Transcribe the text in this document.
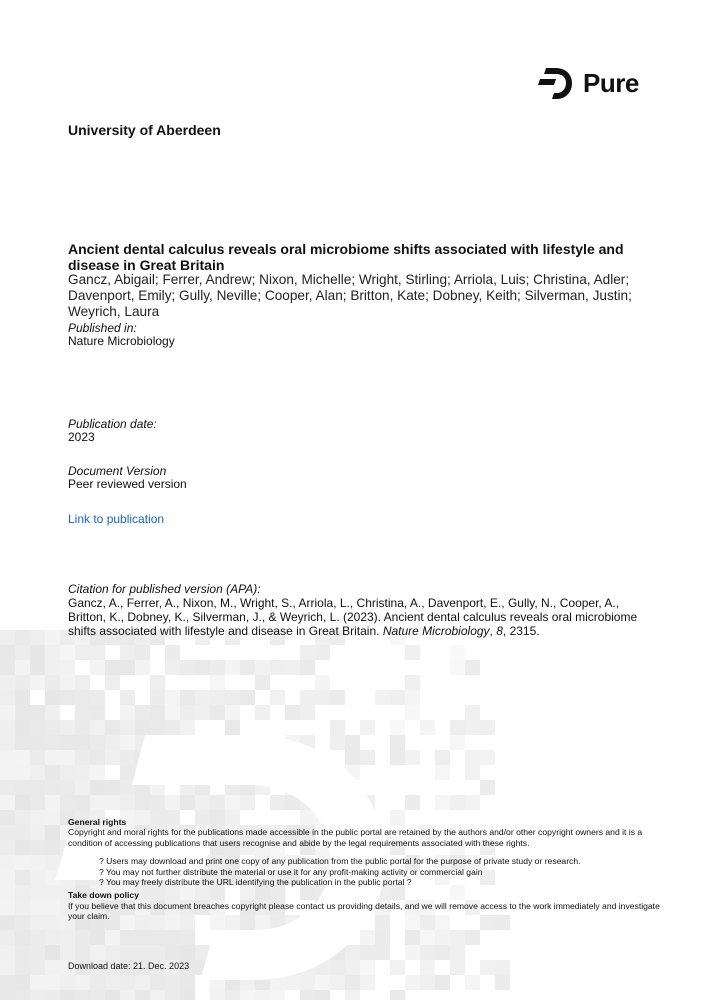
Pure
University of Aberdeen
Ancient dental calculus reveals oral microbiome shifts associated with lifestyle and disease in Great Britain
Gancz, Abigail; Ferrer, Andrew; Nixon, Michelle; Wright, Stirling; Arriola, Luis; Christina, Adler; Davenport, Emily; Gully, Neville; Cooper, Alan; Britton, Kate; Dobney, Keith; Silverman, Justin; Weyrich, Laura
Published in:
Nature Microbiology
Publication date:
2023
Document Version
Peer reviewed version
Link to publication
Citation for published version (APA):
Gancz, A., Ferrer, A., Nixon, M., Wright, S., Arriola, L., Christina, A., Davenport, E., Gully, N., Cooper, A., Britton, K., Dobney, K., Silverman, J., & Weyrich, L. (2023). Ancient dental calculus reveals oral microbiome shifts associated with lifestyle and disease in Great Britain. Nature Microbiology, 8, 2315.
General rights
Copyright and moral rights for the publications made accessible in the public portal are retained by the authors and/or other copyright owners and it is a condition of accessing publications that users recognise and abide by the legal requirements associated with these rights.
? Users may download and print one copy of any publication from the public portal for the purpose of private study or research.
? You may not further distribute the material or use it for any profit-making activity or commercial gain
? You may freely distribute the URL identifying the publication in the public portal ?
Take down policy
If you believe that this document breaches copyright please contact us providing details, and we will remove access to the work immediately and investigate your claim.
Download date: 21. Dec. 2023
